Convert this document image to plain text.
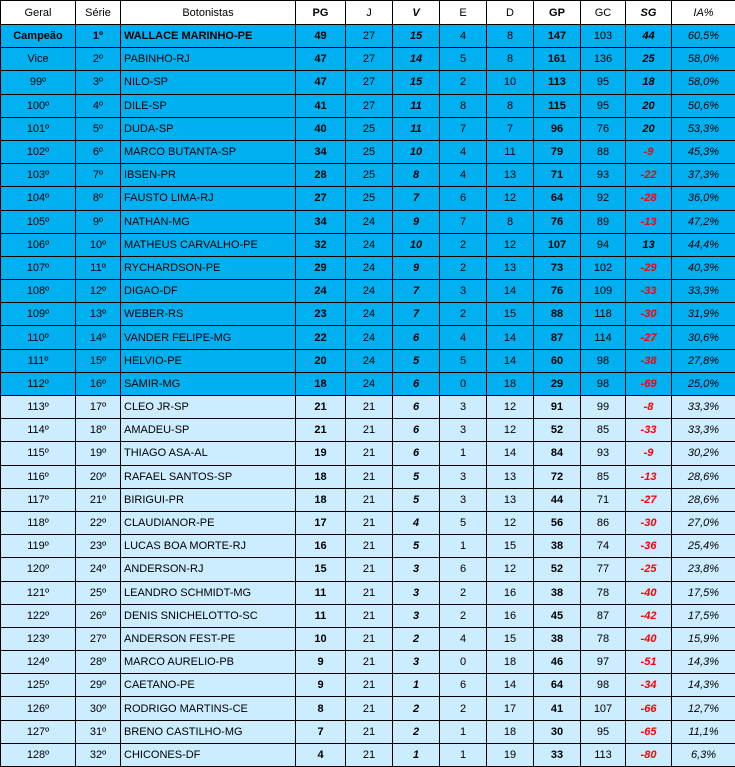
Geral	Série	Botonistas	PG	J	V	E	D	GP	GC	SG	IA%
Campeão	1º	WALLACE MARINHO-PE	49	27	15	4	8	147	103	44	60,5%
Vice	2º	PABINHO-RJ	47	27	14	5	8	161	136	25	58,0%
99º	3º	NILO-SP	47	27	15	2	10	113	95	18	58,0%
100º	4º	DILE-SP	41	27	11	8	8	115	95	20	50,6%
101º	5º	DUDA-SP	40	25	11	7	7	96	76	20	53,3%
102º	6º	MARCO BUTANTA-SP	34	25	10	4	11	79	88	-9	45,3%
103º	7º	IBSEN-PR	28	25	8	4	13	71	93	-22	37,3%
104º	8º	FAUSTO LIMA-RJ	27	25	7	6	12	64	92	-28	36,0%
105º	9º	NATHAN-MG	34	24	9	7	8	76	89	-13	47,2%
106º	10º	MATHEUS CARVALHO-PE	32	24	10	2	12	107	94	13	44,4%
107º	11º	RYCHARDSON-PE	29	24	9	2	13	73	102	-29	40,3%
108º	12º	DIGAO-DF	24	24	7	3	14	76	109	-33	33,3%
109º	13º	WEBER-RS	23	24	7	2	15	88	118	-30	31,9%
110º	14º	VANDER FELIPE-MG	22	24	6	4	14	87	114	-27	30,6%
111º	15º	HELVIO-PE	20	24	5	5	14	60	98	-38	27,8%
112º	16º	SAMIR-MG	18	24	6	0	18	29	98	-69	25,0%
113º	17º	CLEO JR-SP	21	21	6	3	12	91	99	-8	33,3%
114º	18º	AMADEU-SP	21	21	6	3	12	52	85	-33	33,3%
115º	19º	THIAGO ASA-AL	19	21	6	1	14	84	93	-9	30,2%
116º	20º	RAFAEL SANTOS-SP	18	21	5	3	13	72	85	-13	28,6%
117º	21º	BIRIGUI-PR	18	21	5	3	13	44	71	-27	28,6%
118º	22º	CLAUDIANOR-PE	17	21	4	5	12	56	86	-30	27,0%
119º	23º	LUCAS BOA MORTE-RJ	16	21	5	1	15	38	74	-36	25,4%
120º	24º	ANDERSON-RJ	15	21	3	6	12	52	77	-25	23,8%
121º	25º	LEANDRO SCHMIDT-MG	11	21	3	2	16	38	78	-40	17,5%
122º	26º	DENIS SNICHELOTTO-SC	11	21	3	2	16	45	87	-42	17,5%
123º	27º	ANDERSON FEST-PE	10	21	2	4	15	38	78	-40	15,9%
124º	28º	MARCO AURELIO-PB	9	21	3	0	18	46	97	-51	14,3%
125º	29º	CAETANO-PE	9	21	1	6	14	64	98	-34	14,3%
126º	30º	RODRIGO MARTINS-CE	8	21	2	2	17	41	107	-66	12,7%
127º	31º	BRENO CASTILHO-MG	7	21	2	1	18	30	95	-65	11,1%
128º	32º	CHICONES-DF	4	21	1	1	19	33	113	-80	6,3%
